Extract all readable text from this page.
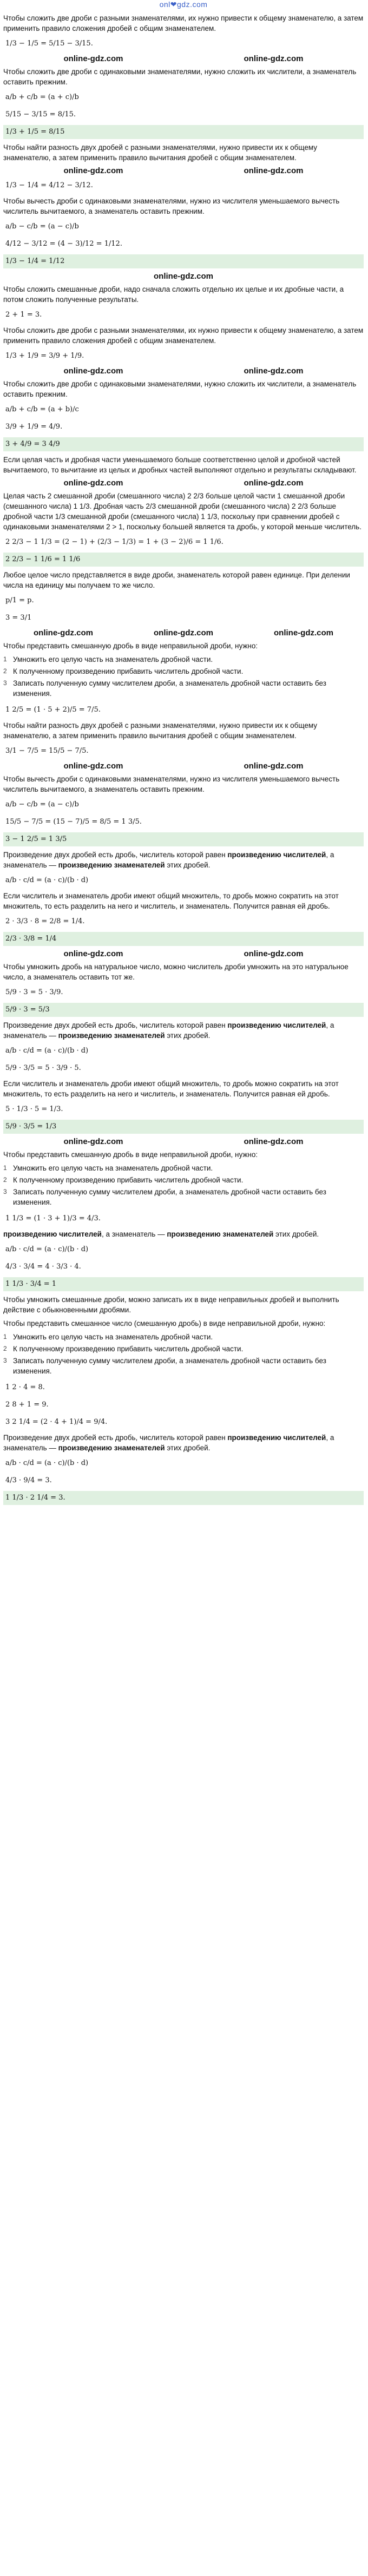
onl❤gdz.com
Чтобы сложить две дроби с разными знаменателями, их нужно привести к общему знаменателю, а затем применить правило сложения дробей с общим знаменателем.
1/3 − 1/5 = 5/15 − 3/15.
online-gdz.com	online-gdz.com
Чтобы сложить две дроби с одинаковыми знаменателями, нужно сложить их числители, а знаменатель оставить прежним.
a/b + c/b = (a + c)/b
5/15 − 3/15 = 8/15.
1/3 + 1/5 = 8/15
Чтобы найти разность двух дробей с разными знаменателями, нужно привести их к общему знаменателю, а затем применить правило вычитания дробей с общим знаменателем.
online-gdz.com	online-gdz.com
1/3 − 1/4 = 4/12 − 3/12.
Чтобы вычесть дроби с одинаковыми знаменателями, нужно из числителя уменьшаемого вычесть числитель вычитаемого, а знаменатель оставить прежним.
a/b − c/b = (a − c)/b
4/12 − 3/12 = (4 − 3)/12 = 1/12.
1/3 − 1/4 = 1/12
online-gdz.com
Чтобы сложить смешанные дроби, надо сначала сложить отдельно их целые и их дробные части, а потом сложить полученные результаты.
2 + 1 = 3.
Чтобы сложить две дроби с разными знаменателями, их нужно привести к общему знаменателю, а затем применить правило сложения дробей с общим знаменателем.
1/3 + 1/9 = 3/9 + 1/9.
online-gdz.com	online-gdz.com
Чтобы сложить две дроби с одинаковыми знаменателями, нужно сложить их числители, а знаменатель оставить прежним.
a/b + c/b = (a + b)/c
3/9 + 1/9 = 4/9.
3 + 4/9 = 3 4/9
Если целая часть и дробная части уменьшаемого больше соответственно целой и дробной частей вычитаемого, то вычитание из целых и дробных частей выполняют отдельно и результаты складывают.
online-gdz.com	online-gdz.com
Целая часть 2 смешанной дроби (смешанного числа) 2 2/3 больше целой части 1 смешанной дроби (смешанного числа) 1 1/3. Дробная часть 2/3 смешанной дроби (смешанного числа) 2 2/3 больше дробной части 1/3 смешанной дроби (смешанного числа) 1 1/3, поскольку при сравнении дробей с одинаковыми знаменателями 2 > 1, поскольку большей является та дробь, у которой меньше числитель.
2 2/3 − 1 1/3 = (2 − 1) + (2/3 − 1/3) = 1 + (3 − 2)/6 = 1 1/6.
2 2/3 − 1 1/6 = 1 1/6
Любое целое число представляется в виде дроби, знаменатель которой равен единице. При делении числа на единицу мы получаем то же число.
p/1 = p.
3 = 3/1
online-gdz.com	online-gdz.com	online-gdz.com
Чтобы представить смешанную дробь в виде неправильной дроби, нужно:
1 Умножить его целую часть на знаменатель дробной части.
2 К полученному произведению прибавить числитель дробной части.
3 Записать полученную сумму числителем дроби, а знаменатель дробной части оставить без изменения.
1 2/5 = (1 · 5 + 2)/5 = 7/5.
Чтобы найти разность двух дробей с разными знаменателями, нужно привести их к общему знаменателю, а затем применить правило вычитания дробей с общим знаменателем.
3/1 − 7/5 = 15/5 − 7/5.
online-gdz.com	online-gdz.com
Чтобы вычесть дроби с одинаковыми знаменателями, нужно из числителя уменьшаемого вычесть числитель вычитаемого, а знаменатель оставить прежним.
a/b − c/b = (a − c)/b
15/5 − 7/5 = (15 − 7)/5 = 8/5 = 1 3/5.
3 − 1 2/5 = 1 3/5
Произведение двух дробей есть дробь, числитель которой равен произведению числителей, а знаменатель — произведению знаменателей этих дробей.
a/b · c/d = (a · c)/(b · d)
Если числитель и знаменатель дроби имеют общий множитель, то дробь можно сократить на этот множитель, то есть разделить на него и числитель, и знаменатель. Получится равная ей дробь.
2 · 3/3 · 8 = 2/8 = 1/4.
2/3 · 3/8 = 1/4
online-gdz.com	online-gdz.com
Чтобы умножить дробь на натуральное число, можно числитель дроби умножить на это натуральное число, а знаменатель оставить тот же.
5/9 · 3 = 5 · 3/9.
5/9 · 3 = 5/3
Произведение двух дробей есть дробь, числитель которой равен произведению числителей, а знаменатель — произведению знаменателей этих дробей.
a/b · c/d = (a · c)/(b · d)
5/9 · 3/5 = 5 · 3/9 · 5.
Если числитель и знаменатель дроби имеют общий множитель, то дробь можно сократить на этот множитель, то есть разделить на него и числитель, и знаменатель. Получится равная ей дробь.
5 · 1/3 · 5 = 1/3.
5/9 · 3/5 = 1/3
online-gdz.com	online-gdz.com
Чтобы представить смешанную дробь в виде неправильной дроби, нужно:
1 Умножить его целую часть на знаменатель дробной части.
2 К полученному произведению прибавить числитель дробной части.
3 Записать полученную сумму числителем дроби, а знаменатель дробной части оставить без изменения.
1 1/3 = (1 · 3 + 1)/3 = 4/3.
произведению числителей, а знаменатель — произведению знаменателей этих дробей.
a/b · c/d = (a · c)/(b · d)
4/3 · 3/4 = 4 · 3/3 · 4.
1 1/3 · 3/4 = 1
Чтобы умножить смешанные дроби, можно записать их в виде неправильных дробей и выполнить действие с обыкновенными дробями.
Чтобы представить смешанное число (смешанную дробь) в виде неправильной дроби, нужно:
1 Умножить его целую часть на знаменатель дробной части.
2 К полученному произведению прибавить числитель дробной части.
3 Записать полученную сумму числителем дроби, а знаменатель дробной части оставить без изменения.
1 2 · 4 = 8.
2 8 + 1 = 9.
3 2 1/4 = (2 · 4 + 1)/4 = 9/4.
Произведение двух дробей есть дробь, числитель которой равен произведению числителей, а знаменатель — произведению знаменателей этих дробей.
a/b · c/d = (a · c)/(b · d)
4/3 · 9/4 = 3.
1 1/3 · 2 1/4 = 3.
